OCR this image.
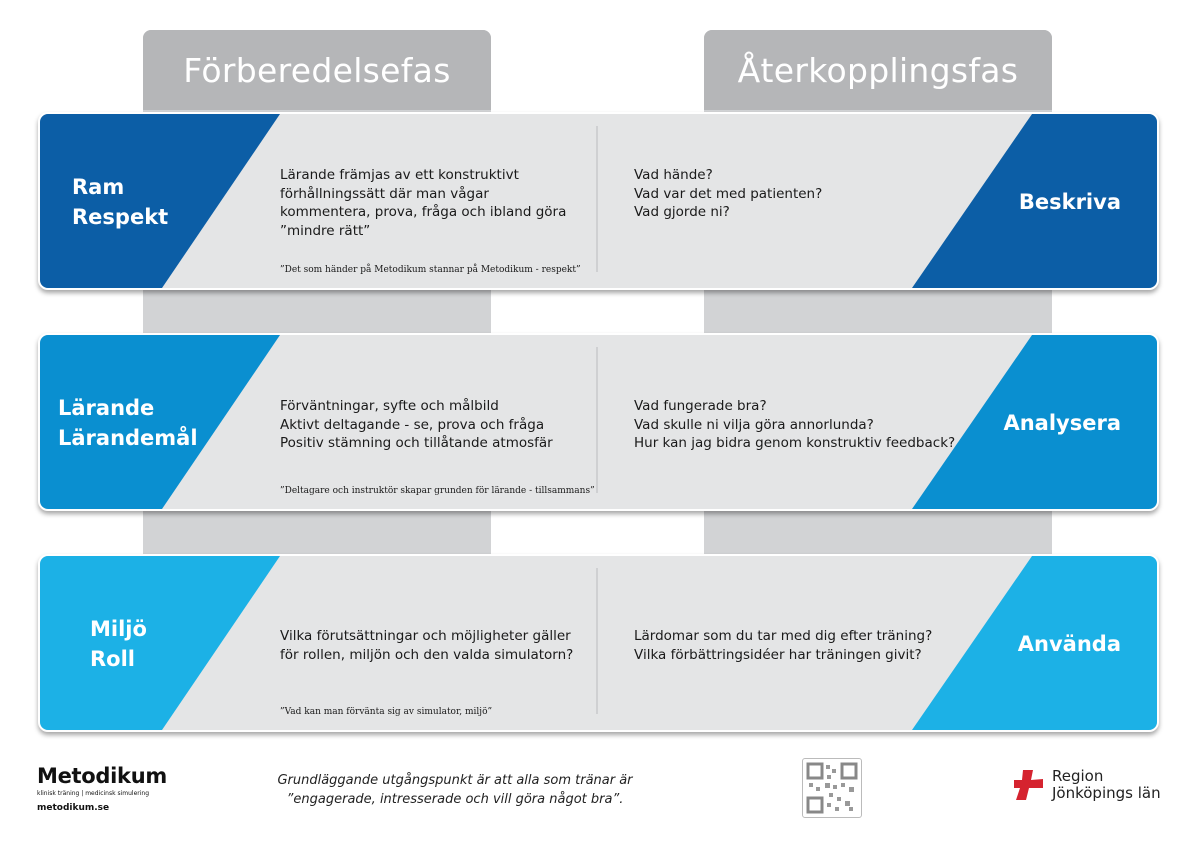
Förberedelsefas	Återkopplingsfas
Ram
Respekt
Beskriva
Lärande främjas av ett konstruktivt
förhållningssätt där man vågar
kommentera, prova, fråga och ibland göra
”mindre rätt”
”Det som händer på Metodikum stannar på Metodikum - respekt”
Vad hände?
Vad var det med patienten?
Vad gjorde ni?
Lärande
Lärandemål
Analysera
Förväntningar, syfte och målbild
Aktivt deltagande - se, prova och fråga
Positiv stämning och tillåtande atmosfär
”Deltagare och instruktör skapar grunden för lärande - tillsammans”
Vad fungerade bra?
Vad skulle ni vilja göra annorlunda?
Hur kan jag bidra genom konstruktiv feedback?
Miljö
Roll
Använda
Vilka förutsättningar och möjligheter gäller
för rollen, miljön och den valda simulatorn?
”Vad kan man förvänta sig av simulator, miljö”
Lärdomar som du tar med dig efter träning?
Vilka förbättringsidéer har träningen givit?
Metodikum
klinisk träning | medicinsk simulering
metodikum.se
Grundläggande utgångspunkt är att alla som tränar är
”engagerade, intresserade och vill göra något bra”.
Region
Jönköpings län
